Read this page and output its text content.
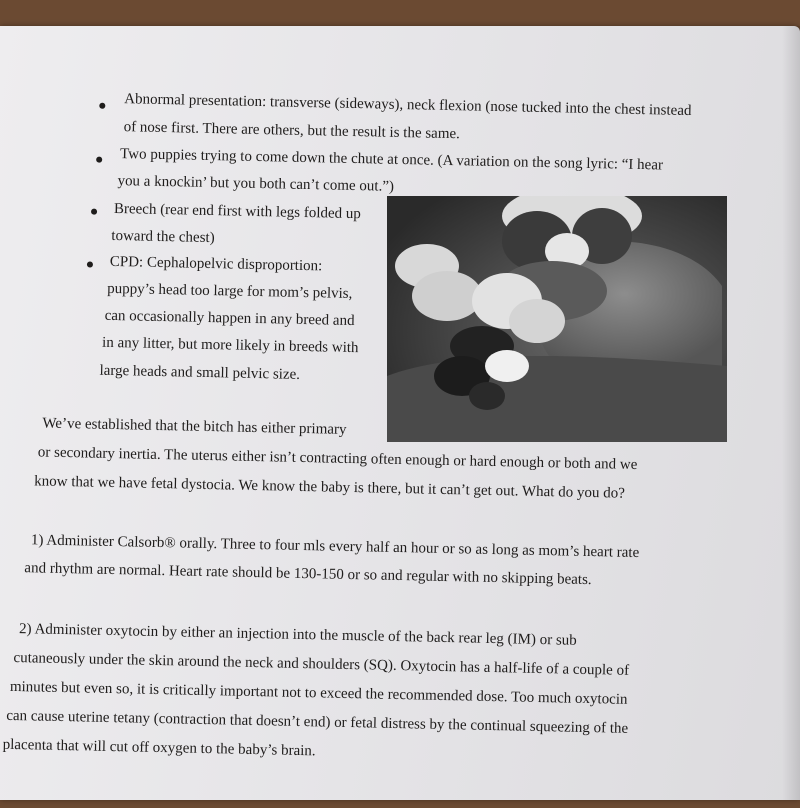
● Abnormal presentation: transverse (sideways), neck flexion (nose tucked into the chest instead
of nose first. There are others, but the result is the same.
● Two puppies trying to come down the chute at once. (A variation on the song lyric: “I hear
you a knockin’ but you both can’t come out.”)
● Breech (rear end first with legs folded up
toward the chest)
● CPD: Cephalopelvic disproportion:
puppy’s head too large for mom’s pelvis,
can occasionally happen in any breed and
in any litter, but more likely in breeds with
large heads and small pelvic size.
We’ve established that the bitch has either primary
or secondary inertia. The uterus either isn’t contracting often enough or hard enough or both and we
know that we have fetal dystocia. We know the baby is there, but it can’t get out. What do you do?
1) Administer Calsorb® orally. Three to four mls every half an hour or so as long as mom’s heart rate
and rhythm are normal. Heart rate should be 130-150 or so and regular with no skipping beats.
2) Administer oxytocin by either an injection into the muscle of the back rear leg (IM) or sub
cutaneously under the skin around the neck and shoulders (SQ). Oxytocin has a half-life of a couple of
minutes but even so, it is critically important not to exceed the recommended dose. Too much oxytocin
can cause uterine tetany (contraction that doesn’t end) or fetal distress by the continual squeezing of the
placenta that will cut off oxygen to the baby’s brain.
